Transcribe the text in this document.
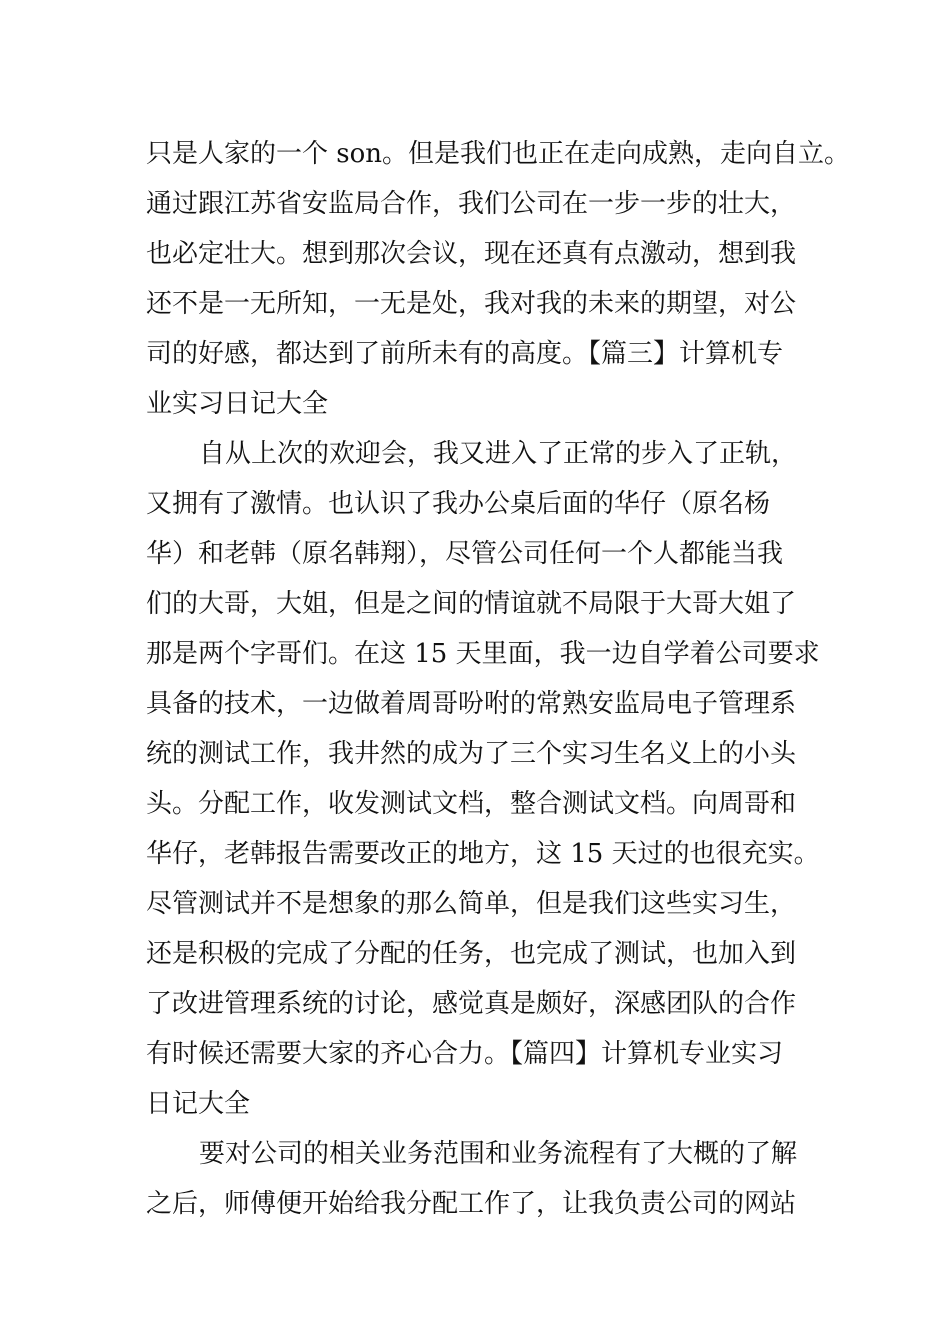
只是人家的一个 son。但是我们也正在走向成熟，走向自立。
通过跟江苏省安监局合作，我们公司在一步一步的壮大，
也必定壮大。想到那次会议，现在还真有点激动，想到我
还不是一无所知，一无是处，我对我的未来的期望，对公
司的好感，都达到了前所未有的高度。【篇三】计算机专
业实习日记大全
自从上次的欢迎会，我又进入了正常的步入了正轨，
又拥有了激情。也认识了我办公桌后面的华仔（原名杨
华）和老韩（原名韩翔），尽管公司任何一个人都能当我
们的大哥，大姐，但是之间的情谊就不局限于大哥大姐了
那是两个字哥们。在这 15 天里面，我一边自学着公司要求
具备的技术，一边做着周哥吩咐的常熟安监局电子管理系
统的测试工作，我井然的成为了三个实习生名义上的小头
头。分配工作，收发测试文档，整合测试文档。向周哥和
华仔，老韩报告需要改正的地方，这 15 天过的也很充实。
尽管测试并不是想象的那么简单，但是我们这些实习生，
还是积极的完成了分配的任务，也完成了测试，也加入到
了改进管理系统的讨论，感觉真是颇好，深感团队的合作
有时候还需要大家的齐心合力。【篇四】计算机专业实习
日记大全
要对公司的相关业务范围和业务流程有了大概的了解
之后，师傅便开始给我分配工作了，让我负责公司的网站
